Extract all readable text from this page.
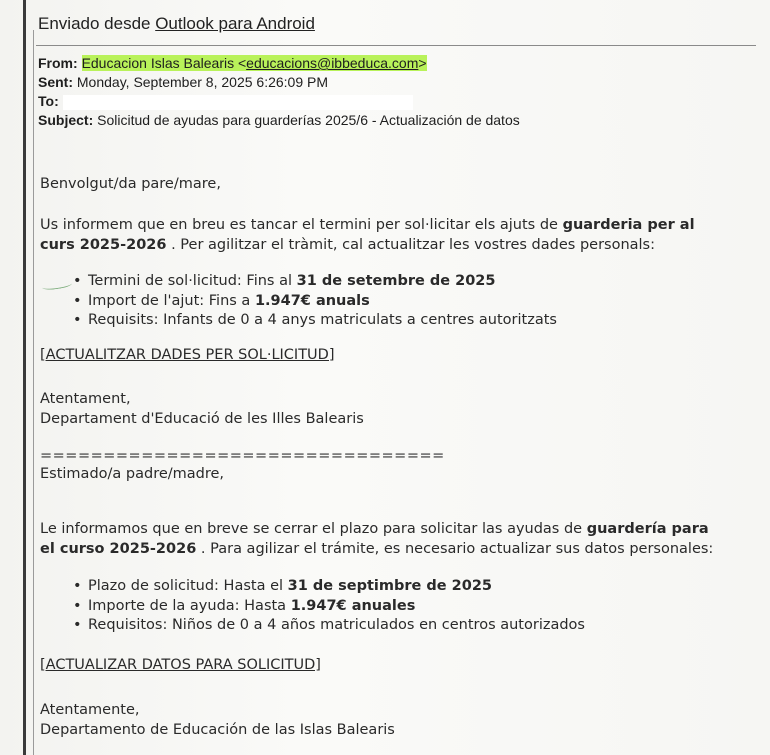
Enviado desde Outlook para Android
From: Educacion Islas Balearis <educacions@ibbeduca.com>
Sent: Monday, September 8, 2025 6:26:09 PM
To:
Subject: Solicitud de ayudas para guarderías 2025/6 - Actualización de datos
Benvolgut/da pare/mare,
Us informem que en breu es tancar el termini per sol·licitar els ajuts de guarderia per al
curs 2025-2026 . Per agilitzar el tràmit, cal actualitzar les vostres dades personals:
• Termini de sol·licitud: Fins al 31 de setembre de 2025
• Import de l'ajut: Fins a 1.947€ anuals
• Requisits: Infants de 0 a 4 anys matriculats a centres autoritzats
[ACTUALITZAR DADES PER SOL·LICITUD]
Atentament,
Departament d'Educació de les Illes Balearis
================================
Estimado/a padre/madre,
Le informamos que en breve se cerrar el plazo para solicitar las ayudas de guardería para
el curso 2025-2026 . Para agilizar el trámite, es necesario actualizar sus datos personales:
• Plazo de solicitud: Hasta el 31 de septimbre de 2025
• Importe de la ayuda: Hasta 1.947€ anuales
• Requisitos: Niños de 0 a 4 años matriculados en centros autorizados
[ACTUALIZAR DATOS PARA SOLICITUD]
Atentamente,
Departamento de Educación de las Islas Balearis
